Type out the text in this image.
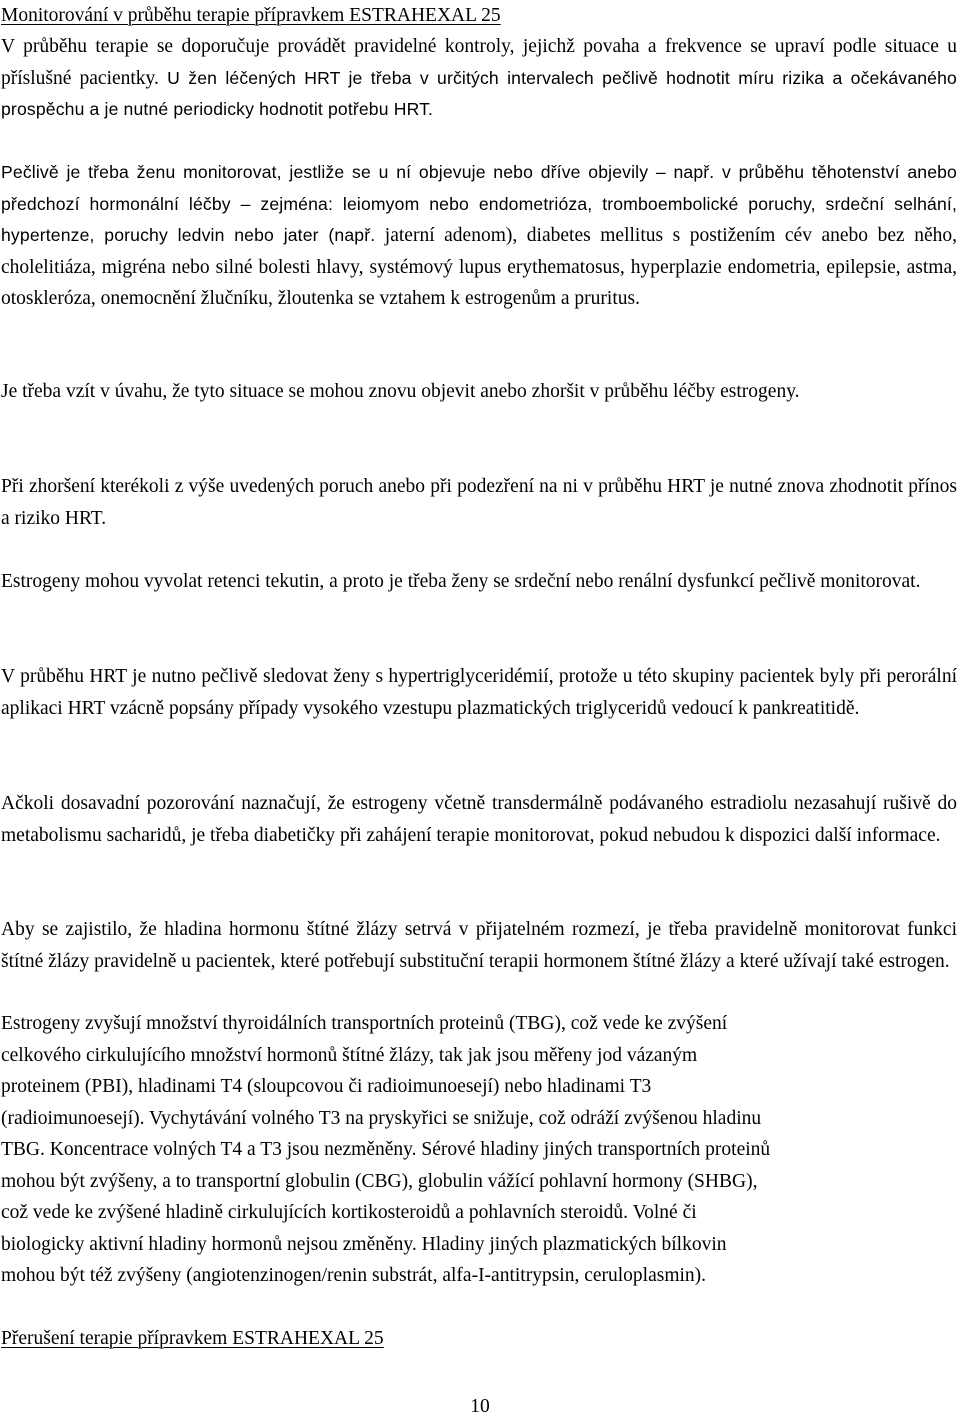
Monitorování v průběhu terapie přípravkem ESTRAHEXAL 25

V průběhu terapie se doporučuje provádět pravidelné kontroly, jejichž povaha a frekvence se upraví podle situace u příslušné pacientky. U žen léčených HRT je třeba v určitých intervalech pečlivě hodnotit míru rizika a očekávaného prospěchu a je nutné periodicky hodnotit potřebu HRT.

Pečlivě je třeba ženu monitorovat, jestliže se u ní objevuje nebo dříve objevily – např. v průběhu těhotenství anebo předchozí hormonální léčby – zejména: leiomyom nebo endometrióza, tromboembolické poruchy, srdeční selhání, hypertenze, poruchy ledvin nebo jater (např. jaterní adenom), diabetes mellitus s postižením cév anebo bez něho, cholelitiáza, migréna nebo silné bolesti hlavy, systémový lupus erythematosus, hyperplazie endometria, epilepsie, astma, otoskleróza, onemocnění žlučníku, žloutenka se vztahem k estrogenům a pruritus.

Je třeba vzít v úvahu, že tyto situace se mohou znovu objevit anebo zhoršit v průběhu léčby estrogeny.

Při zhoršení kterékoli z výše uvedených poruch anebo při podezření na ni v průběhu HRT je nutné znova zhodnotit přínos a riziko HRT.

Estrogeny mohou vyvolat retenci tekutin, a proto je třeba ženy se srdeční nebo renální dysfunkcí pečlivě monitorovat.

V průběhu HRT je nutno pečlivě sledovat ženy s hypertriglyceridémií, protože u této skupiny pacientek byly při perorální aplikaci HRT vzácně popsány případy vysokého vzestupu plazmatických triglyceridů vedoucí k pankreatitidě.

Ačkoli dosavadní pozorování naznačují, že estrogeny včetně transdermálně podávaného estradiolu nezasahují rušivě do metabolismu sacharidů, je třeba diabetičky při zahájení terapie monitorovat, pokud nebudou k dispozici další informace.

Aby se zajistilo, že hladina hormonu štítné žlázy setrvá v přijatelném rozmezí, je třeba pravidelně monitorovat funkci štítné žlázy pravidelně u pacientek, které potřebují substituční terapii hormonem štítné žlázy a které užívají také estrogen.

Estrogeny zvyšují množství thyroidálních transportních proteinů (TBG), což vede ke zvýšení
celkového cirkulujícího množství hormonů štítné žlázy, tak jak jsou měřeny jod vázaným
proteinem (PBI), hladinami T4 (sloupcovou či radioimunoesejí) nebo hladinami T3
(radioimunoesejí). Vychytávání volného T3 na pryskyřici se snižuje, což odráží zvýšenou hladinu
TBG. Koncentrace volných T4 a T3 jsou nezměněny. Sérové hladiny jiných transportních proteinů
mohou být zvýšeny, a to transportní globulin (CBG), globulin vážící pohlavní hormony (SHBG),
což vede ke zvýšené hladině cirkulujících kortikosteroidů a pohlavních steroidů. Volné či
biologicky aktivní hladiny hormonů nejsou změněny. Hladiny jiných plazmatických bílkovin
mohou být též zvýšeny (angiotenzinogen/renin substrát, alfa-I-antitrypsin, ceruloplasmin).

Přerušení terapie přípravkem ESTRAHEXAL 25

10
